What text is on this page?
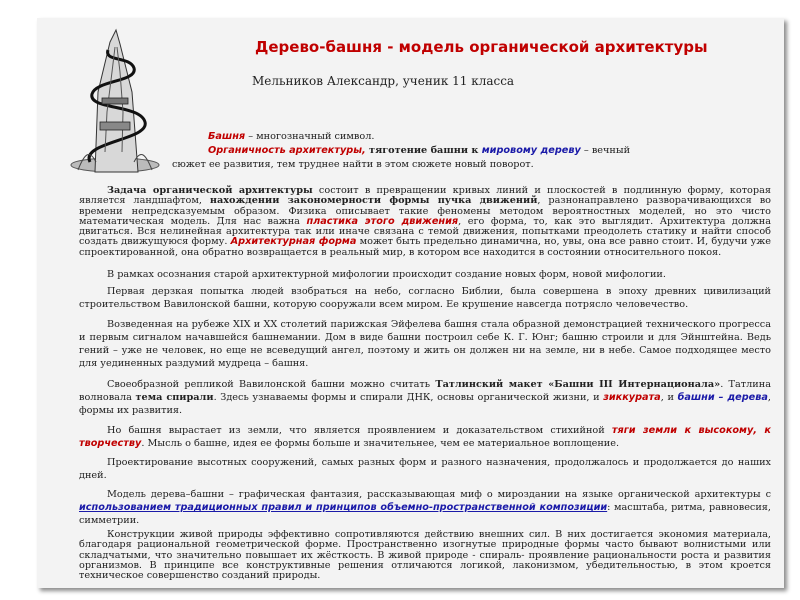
Дерево-башня - модель органической архитектуры
Мельников Александр, ученик 11 класса
Башня – многозначный символ.
Органичность архитектуры, тяготение башни к мировому дереву – вечный
сюжет ее развития, тем труднее найти в этом сюжете новый поворот.

Задача органической архитектуры состоит в превращении кривых линий и плоскостей в подлинную форму, которая является ландшафтом, нахождении закономерности формы пучка движений, разнонаправлено разворачивающихся во времени непредсказуемым образом. Физика описывает такие феномены методом вероятностных моделей, но это чисто математическая модель. Для нас важна пластика этого движения, его форма, то, как это выглядит. Архитектура должна двигаться. Вся нелинейная архитектура так или иначе связана с темой движения, попытками преодолеть статику и найти способ создать движущуюся форму. Архитектурная форма может быть предельно динамична, но, увы, она все равно стоит. И, будучи уже спроектированной, она обратно возвращается в реальный мир, в котором все находится в состоянии относительного покоя.

В рамках осознания старой архитектурной мифологии происходит создание новых форм, новой мифологии.

Первая дерзкая попытка людей взобраться на небо, согласно Библии, была совершена в эпоху древних цивилизаций строительством Вавилонской башни, которую сооружали всем миром. Ее крушение навсегда потрясло человечество.

Возведенная на рубеже XIX и XX столетий парижская Эйфелева башня стала образной демонстрацией технического прогресса и первым сигналом начавшейся башнемании. Дом в виде башни построил себе К. Г. Юнг; башню строили и для Эйнштейна. Ведь гений – уже не человек, но еще не всеведущий ангел, поэтому и жить он должен ни на земле, ни в небе. Самое подходящее место для уединенных раздумий мудреца – башня.

Своеобразной репликой Вавилонской башни можно считать Татлинский макет «Башни III Интернационала». Татлина волновала тема спирали. Здесь узнаваемы формы и спирали ДНК, основы органической жизни, и зиккурата, и башни – дерева, формы их развития.

Но башня вырастает из земли, что является проявлением и доказательством стихийной тяги земли к высокому, к творчеству. Мысль о башне, идея ее формы больше и значительнее, чем ее материальное воплощение.

Проектирование высотных сооружений, самых разных форм и разного назначения, продолжалось и продолжается до наших дней.

Модель дерева–башни – графическая фантазия, рассказывающая миф о мироздании на языке органической архитектуры с использованием традиционных правил и принципов объемно-пространственной композиции: масштаба, ритма, равновесия, симметрии.

Конструкции живой природы эффективно сопротивляются действию внешних сил. В них достигается экономия материала, благодаря рациональной геометрической форме. Пространственно изогнутые природные формы часто бывают волнистыми или складчатыми, что значительно повышает их жёсткость. В живой природе - спираль- проявление рациональности роста и развития организмов. В принципе все конструктивные решения отличаются логикой, лаконизмом, убедительностью, в этом кроется техническое совершенство созданий природы.
